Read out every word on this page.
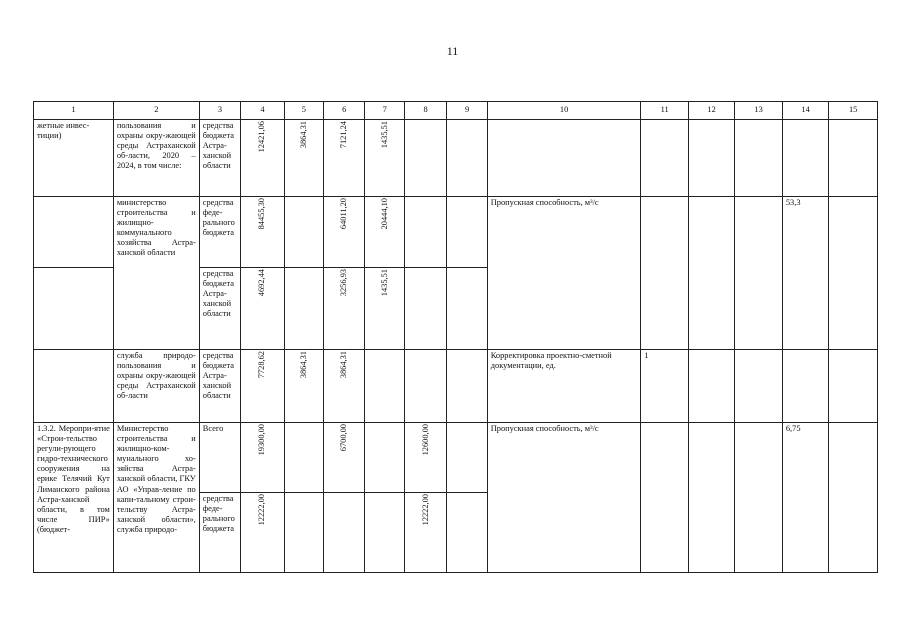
11
1	2	3	4	5	6	7	8	9	10	11	12	13	14	15
жетные инвес-тиции)	пользования и охраны окру-жающей среды Астраханской об-ласти, 2020 – 2024, в том числе:	средства бюджета Астра-ханской области	12421,06	3864,31	7121,24	1435,51								
	министерство строительства и жилищно-коммунального хозяйства Астра-ханской области	средства феде-рального бюджета	84455,30		64011,20	20444,10			Пропускная способность, м³/с				53,3	
		средства бюджета Астра-ханской области	4692,44		3256,93	1435,51								
	служба природо-пользования и охраны окру-жающей среды Астраханской об-ласти	средства бюджета Астра-ханской области	7728,62	3864,31	3864,31				Корректировка проектно-сметной документации, ед.	1				
1.3.2. Меропри-ятие «Строи-тельство регули-рующего гидро-технического сооружения на ерике Телячий Кут Лиманского района Астра-ханской области, в том числе ПИР» (бюджет-	Министерство строительства и жилищно-ком-мунального хо-зяйства Астра-ханской области, ГКУ АО «Управ-ление по капи-тальному строи-тельству Астра-ханской области», служба природо-	Всего	19300,00		6700,00		12600,00		Пропускная способность, м³/с				6,75	
		средства феде-рального бюджета	12222,00				12222,00							
